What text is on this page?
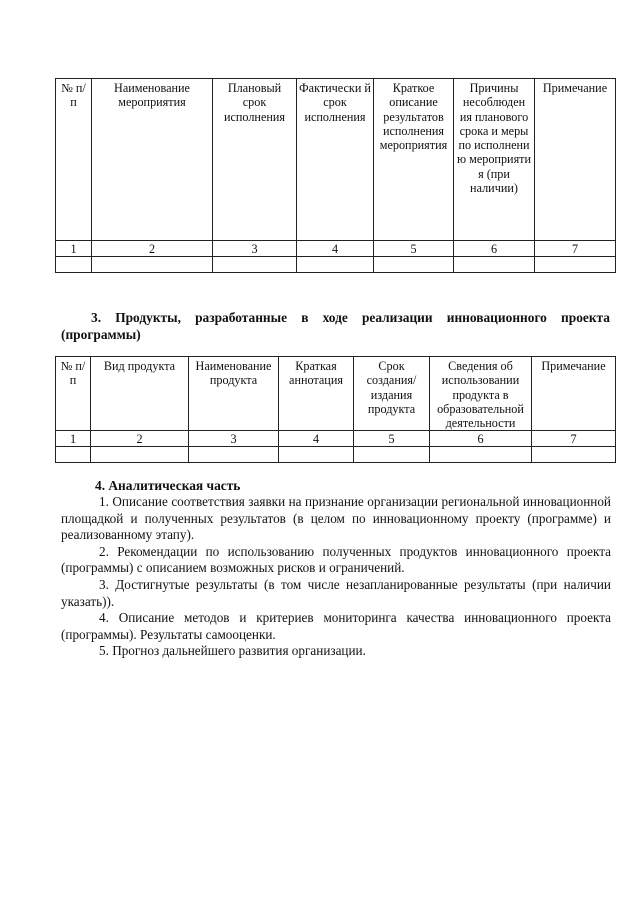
№ п/п	Наименование мероприятия	Плановый срок исполнения	Фактически й срок исполнения	Краткое описание результатов исполнения мероприятия	Причины несоблюден ия планового срока и меры по исполнени ю мероприяти я (при наличии)	Примечание
1	2	3	4	5	6	7

3. Продукты, разработанные в ходе реализации инновационного проекта
(программы)
№ п/п	Вид продукта	Наименование продукта	Краткая аннотация	Срок создания/ издания продукта	Сведения об использовании продукта в образовательной деятельности	Примечание
1	2	3	4	5	6	7

4. Аналитическая часть

1. Описание соответствия заявки на признание организации региональной инновационной площадкой и полученных результатов (в целом по инновационному проекту (программе) и реализованному этапу).

2. Рекомендации по использованию полученных продуктов инновационного проекта (программы) с описанием возможных рисков и ограничений.

3. Достигнутые результаты (в том числе незапланированные результаты (при наличии указать)).

4. Описание методов и критериев мониторинга качества инновационного проекта (программы). Результаты самооценки.

5. Прогноз дальнейшего развития организации.
